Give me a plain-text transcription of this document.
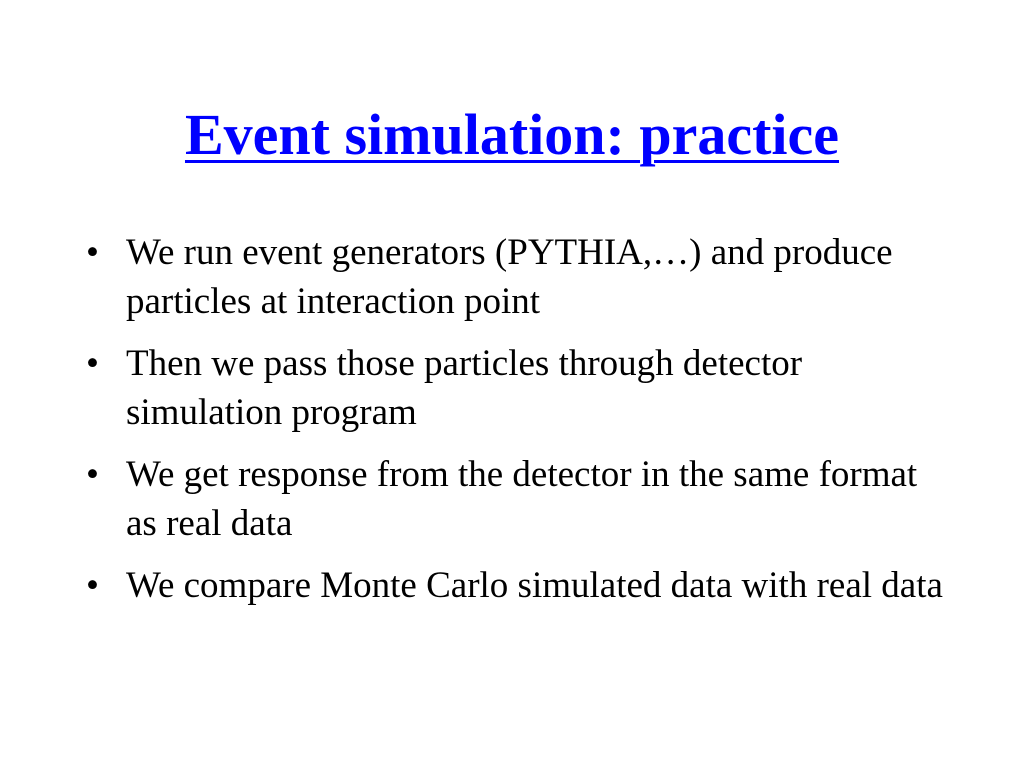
Event simulation: practice
• We run event generators (PYTHIA,…) and produce particles at interaction point
• Then we pass those particles through detector simulation program
• We get response from the detector in the same format as real data
• We compare Monte Carlo simulated data with real data
